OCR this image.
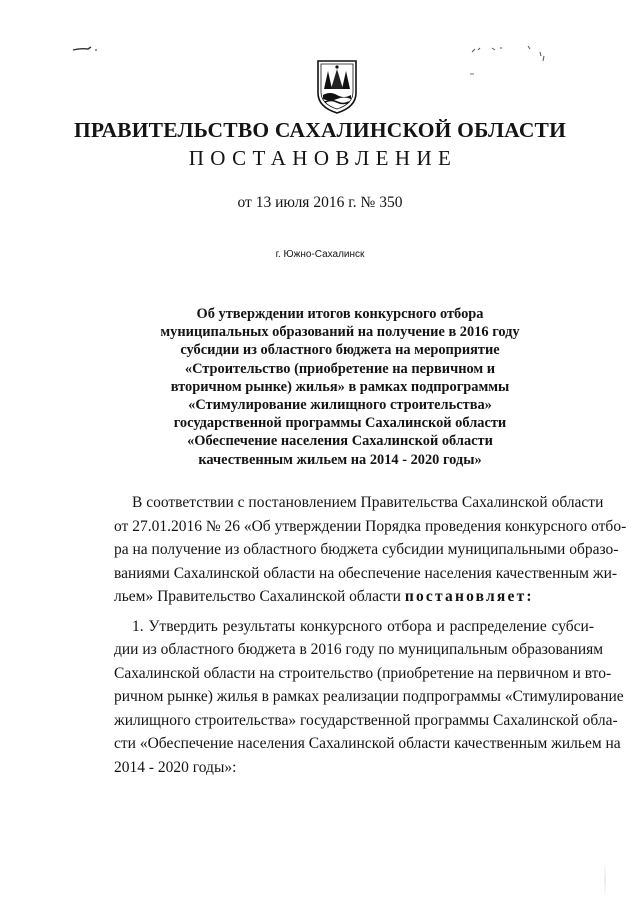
ПРАВИТЕЛЬСТВО САХАЛИНСКОЙ ОБЛАСТИ
ПОСТАНОВЛЕНИЕ
от 13 июля 2016 г. № 350
г. Южно-Сахалинск
Об утверждении итогов конкурсного отбора
муниципальных образований на получение в 2016 году
субсидии из областного бюджета на мероприятие
«Строительство (приобретение на первичном и
вторичном рынке) жилья» в рамках подпрограммы
«Стимулирование жилищного строительства»
государственной программы Сахалинской области
«Обеспечение населения Сахалинской области
качественным жильем на 2014 - 2020 годы»
В соответствии с постановлением Правительства Сахалинской области
от 27.01.2016 № 26 «Об утверждении Порядка проведения конкурсного отбо-
ра на получение из областного бюджета субсидии муниципальными образо-
ваниями Сахалинской области на обеспечение населения качественным жи-
льем» Правительство Сахалинской области постановляет:
1. Утвердить результаты конкурсного отбора и распределение субси-
дии из областного бюджета в 2016 году по муниципальным образованиям
Сахалинской области на строительство (приобретение на первичном и вто-
ричном рынке) жилья в рамках реализации подпрограммы «Стимулирование
жилищного строительства» государственной программы Сахалинской обла-
сти «Обеспечение населения Сахалинской области качественным жильем на
2014 - 2020 годы»:
